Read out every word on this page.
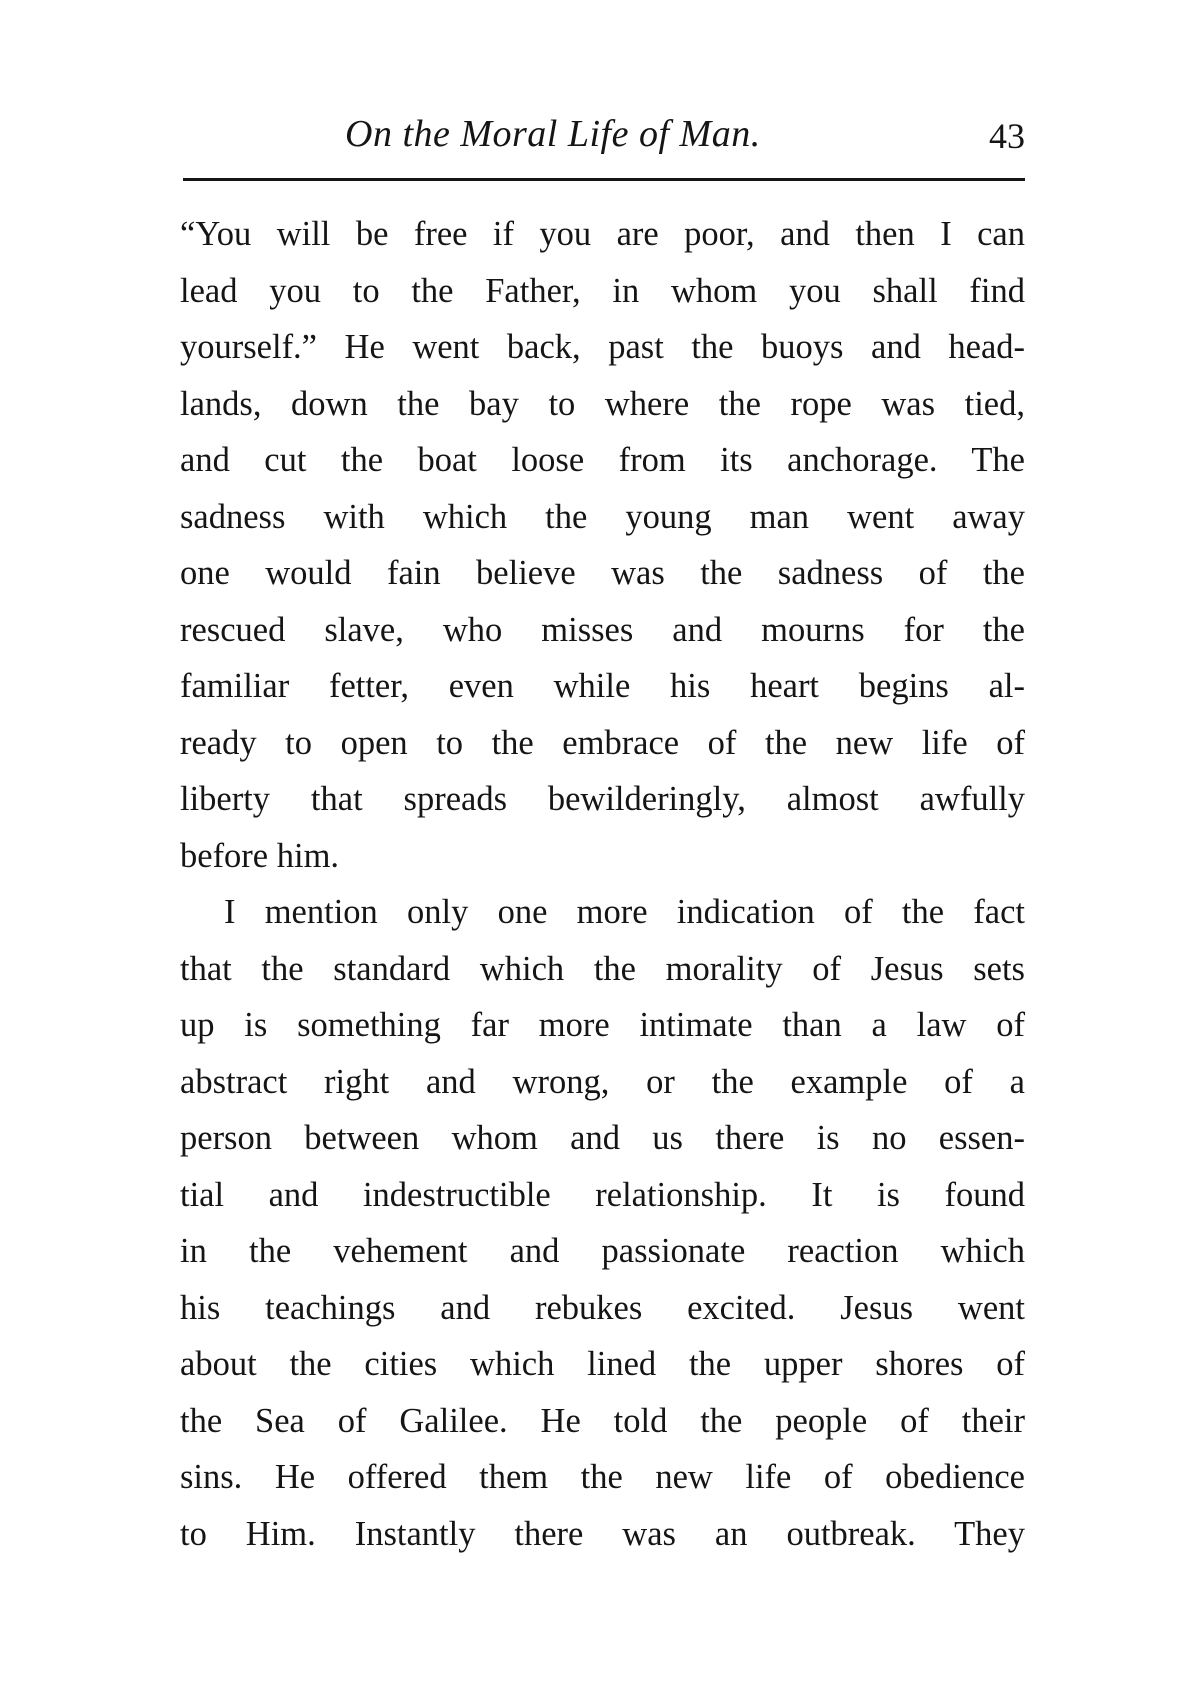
On the Moral Life of Man.	43
“You will be free if you are poor, and then I can
lead you to the Father, in whom you shall find
yourself.” He went back, past the buoys and head-
lands, down the bay to where the rope was tied,
and cut the boat loose from its anchorage. The
sadness with which the young man went away
one would fain believe was the sadness of the
rescued slave, who misses and mourns for the
familiar fetter, even while his heart begins al-
ready to open to the embrace of the new life of
liberty that spreads bewilderingly, almost awfully
before him.
I mention only one more indication of the fact
that the standard which the morality of Jesus sets
up is something far more intimate than a law of
abstract right and wrong, or the example of a
person between whom and us there is no essen-
tial and indestructible relationship. It is found
in the vehement and passionate reaction which
his teachings and rebukes excited. Jesus went
about the cities which lined the upper shores of
the Sea of Galilee. He told the people of their
sins. He offered them the new life of obedience
to Him. Instantly there was an outbreak. They
